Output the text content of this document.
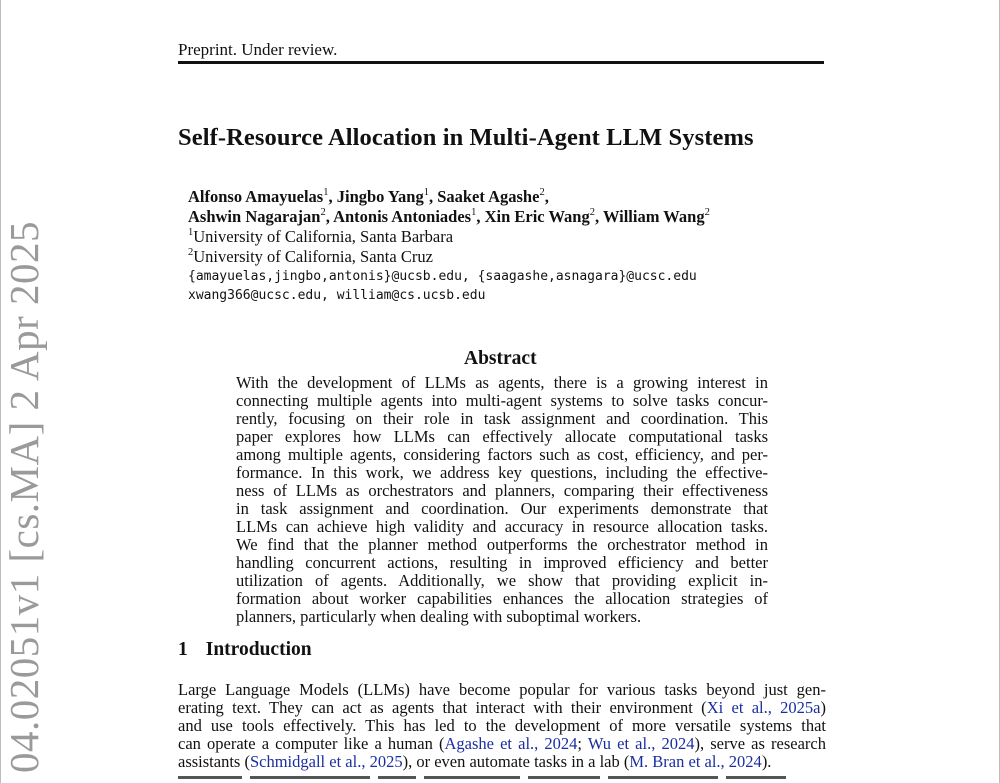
Preprint. Under review.
Self-Resource Allocation in Multi-Agent LLM Systems
Alfonso Amayuelas$^1$, Jingbo Yang$^1$, Saaket Agashe$^2$,
Ashwin Nagarajan$^2$, Antonis Antoniades$^1$, Xin Eric Wang$^2$, William Wang$^2$
$^1$University of California, Santa Barbara
$^2$University of California, Santa Cruz
{amayuelas,jingbo,antonis}@ucsb.edu, {saagashe,asnagara}@ucsc.edu
xwang366@ucsc.edu, william@cs.ucsb.edu
04.02051v1 [cs.MA] 2 Apr 2025	Abstract
With the development of LLMs as agents, there is a growing interest in
connecting multiple agents into multi-agent systems to solve tasks concur-
rently, focusing on their role in task assignment and coordination. This
paper explores how LLMs can effectively allocate computational tasks
among multiple agents, considering factors such as cost, efficiency, and per-
formance. In this work, we address key questions, including the effective-
ness of LLMs as orchestrators and planners, comparing their effectiveness
in task assignment and coordination. Our experiments demonstrate that
LLMs can achieve high validity and accuracy in resource allocation tasks.
We find that the planner method outperforms the orchestrator method in
handling concurrent actions, resulting in improved efficiency and better
utilization of agents. Additionally, we show that providing explicit in-
formation about worker capabilities enhances the allocation strategies of
planners, particularly when dealing with suboptimal workers.
1 Introduction
Large Language Models (LLMs) have become popular for various tasks beyond just gen-
erating text. They can act as agents that interact with their environment (Xi et al., 2025a)
and use tools effectively. This has led to the development of more versatile systems that
can operate a computer like a human (Agashe et al., 2024; Wu et al., 2024), serve as research
assistants (Schmidgall et al., 2025), or even automate tasks in a lab (M. Bran et al., 2024).
